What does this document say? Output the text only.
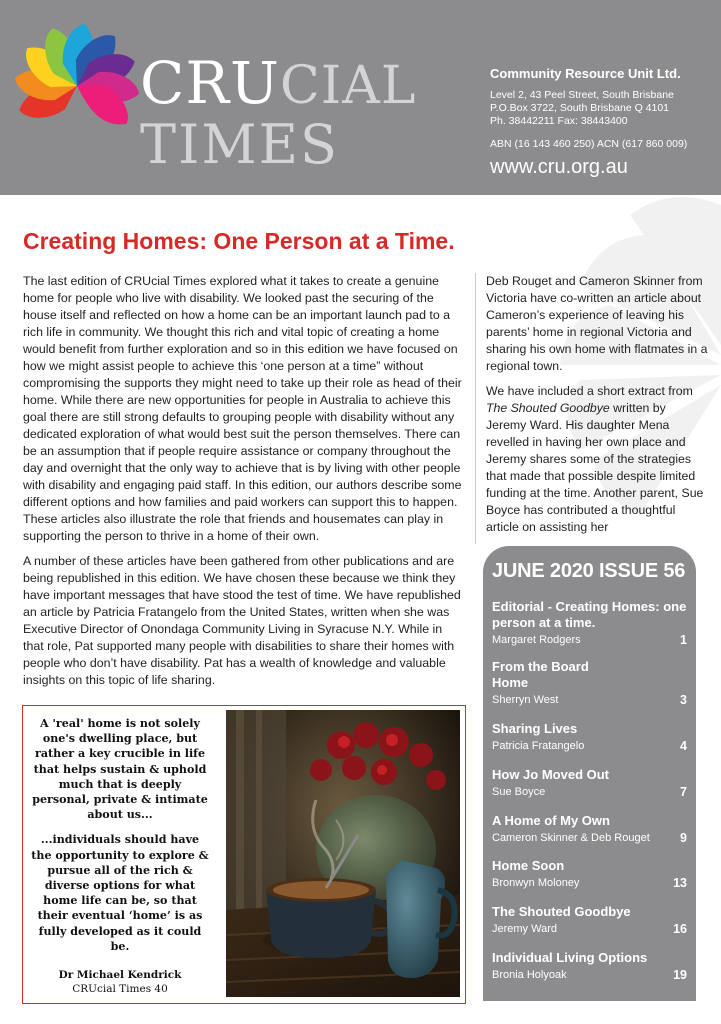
CRUCIAL
TIMES
Community Resource Unit Ltd.
Level 2, 43 Peel Street, South Brisbane
P.O.Box 3722, South Brisbane Q 4101
Ph. 38442211 Fax: 38443400
ABN (16 143 460 250) ACN (617 860 009)
www.cru.org.au
Creating Homes: One Person at a Time.

The last edition of CRUcial Times explored what it takes to create a genuine home for people who live with disability. We looked past the securing of the house itself and reflected on how a home can be an important launch pad to a rich life in community. We thought this rich and vital topic of creating a home would benefit from further exploration and so in this edition we have focused on how we might assist people to achieve this ‘one person at a time” without compromising the supports they might need to take up their role as head of their home. While there are new opportunities for people in Australia to achieve this goal there are still strong defaults to grouping people with disability without any dedicated exploration of what would best suit the person themselves. There can be an assumption that if people require assistance or company throughout the day and overnight that the only way to achieve that is by living with other people with disability and engaging paid staff. In this edition, our authors describe some different options and how families and paid workers can support this to happen. These articles also illustrate the role that friends and housemates can play in supporting the person to thrive in a home of their own.

A number of these articles have been gathered from other publications and are being republished in this edition. We have chosen these because we think they have important messages that have stood the test of time. We have republished an article by Patricia Fratangelo from the United States, written when she was Executive Director of Onondaga Community Living in Syracuse N.Y. While in that role, Pat supported many people with disabilities to share their homes with people who don’t have disability. Pat has a wealth of knowledge and valuable insights on this topic of life sharing.

Deb Rouget and Cameron Skinner from Victoria have co-written an article about Cameron’s experience of leaving his parents’ home in regional Victoria and sharing his own home with flatmates in a regional town.

We have included a short extract from The Shouted Goodbye written by Jeremy Ward. His daughter Mena revelled in having her own place and Jeremy shares some of the strategies that made that possible despite limited funding at the time. Another parent, Sue Boyce has contributed a thoughtful article on assisting her

A 'real' home is not solely one's dwelling place, but rather a key crucible in life that helps sustain & uphold much that is deeply personal, private & intimate about us...

...individuals should have the opportunity to explore & pursue all of the rich & diverse options for what home life can be, so that their eventual ‘home’ is as fully developed as it could be.

Dr Michael Kendrick
CRUcial Times 40
JUNE 2020 ISSUE 56
Editorial - Creating Homes: one person at a time.
Margaret Rodgers	1
From the Board Home
Sherryn West	3
Sharing Lives
Patricia Fratangelo	4
How Jo Moved Out
Sue Boyce	7
A Home of My Own
Cameron Skinner & Deb Rouget 9
Home Soon
Bronwyn Moloney	13
The Shouted Goodbye
Jeremy Ward	16
Individual Living Options
Bronia Holyoak	19
